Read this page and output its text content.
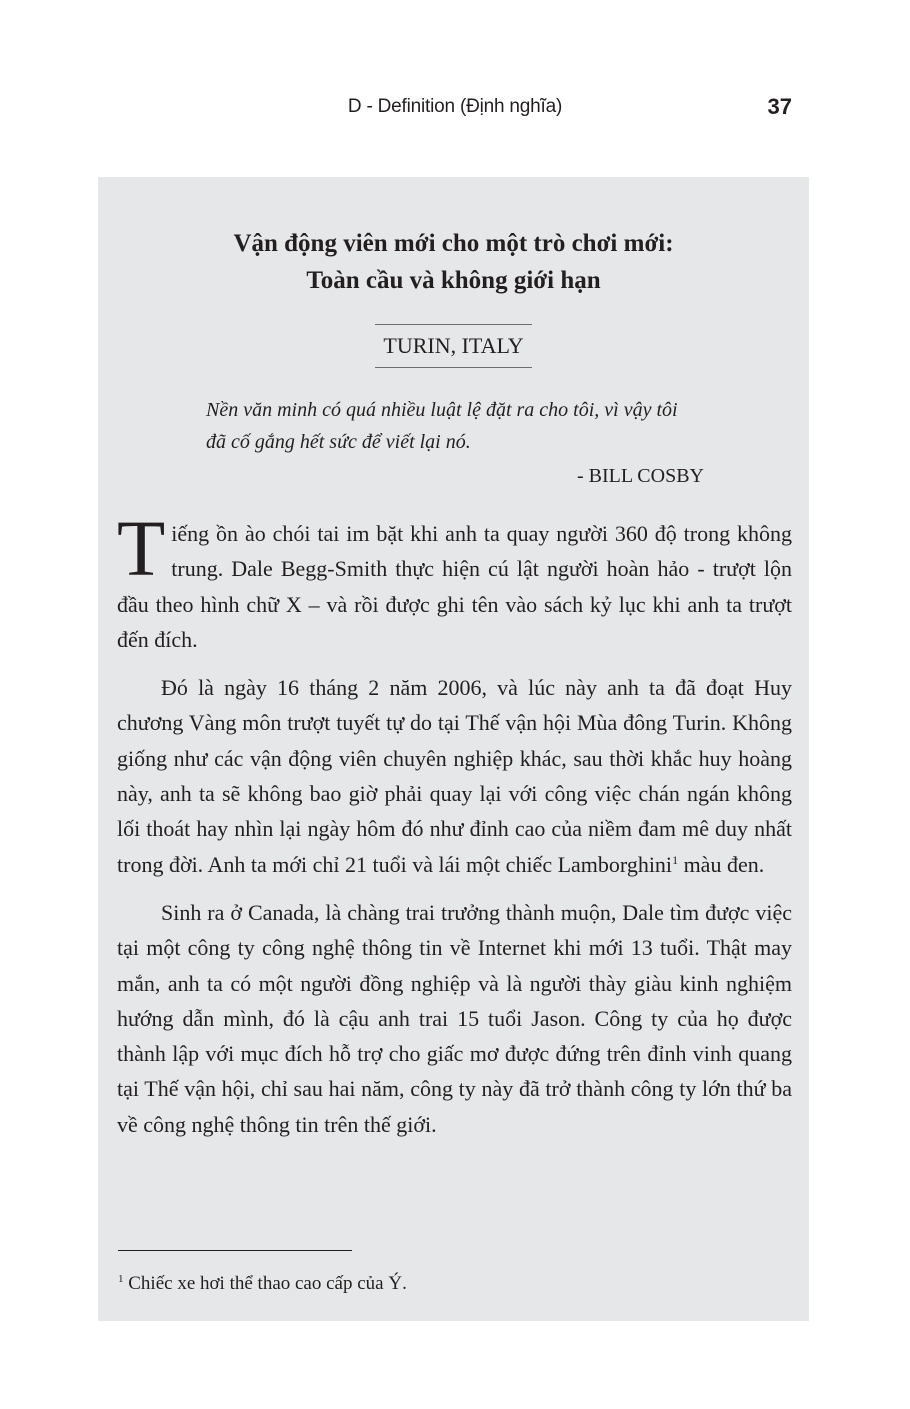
D - Definition (Định nghĩa)	37
Vận động viên mới cho một trò chơi mới:
Toàn cầu và không giới hạn
TURIN, ITALY
Nền văn minh có quá nhiều luật lệ đặt ra cho tôi, vì vậy tôi
đã cố gắng hết sức để viết lại nó.
- BILL COSBY

Tiếng ồn ào chói tai im bặt khi anh ta quay người 360 độ trong không trung. Dale Begg-Smith thực hiện cú lật người hoàn hảo - trượt lộn đầu theo hình chữ X – và rồi được ghi tên vào sách kỷ lục khi anh ta trượt đến đích.

Đó là ngày 16 tháng 2 năm 2006, và lúc này anh ta đã đoạt Huy chương Vàng môn trượt tuyết tự do tại Thế vận hội Mùa đông Turin. Không giống như các vận động viên chuyên nghiệp khác, sau thời khắc huy hoàng này, anh ta sẽ không bao giờ phải quay lại với công việc chán ngán không lối thoát hay nhìn lại ngày hôm đó như đỉnh cao của niềm đam mê duy nhất trong đời. Anh ta mới chỉ 21 tuổi và lái một chiếc Lamborghini$^1$ màu đen.

Sinh ra ở Canada, là chàng trai trưởng thành muộn, Dale tìm được việc tại một công ty công nghệ thông tin về Internet khi mới 13 tuổi. Thật may mắn, anh ta có một người đồng nghiệp và là người thày giàu kinh nghiệm hướng dẫn mình, đó là cậu anh trai 15 tuổi Jason. Công ty của họ được thành lập với mục đích hỗ trợ cho giấc mơ được đứng trên đỉnh vinh quang tại Thế vận hội, chỉ sau hai năm, công ty này đã trở thành công ty lớn thứ ba về công nghệ thông tin trên thế giới.

$^1$ Chiếc xe hơi thể thao cao cấp của Ý.
